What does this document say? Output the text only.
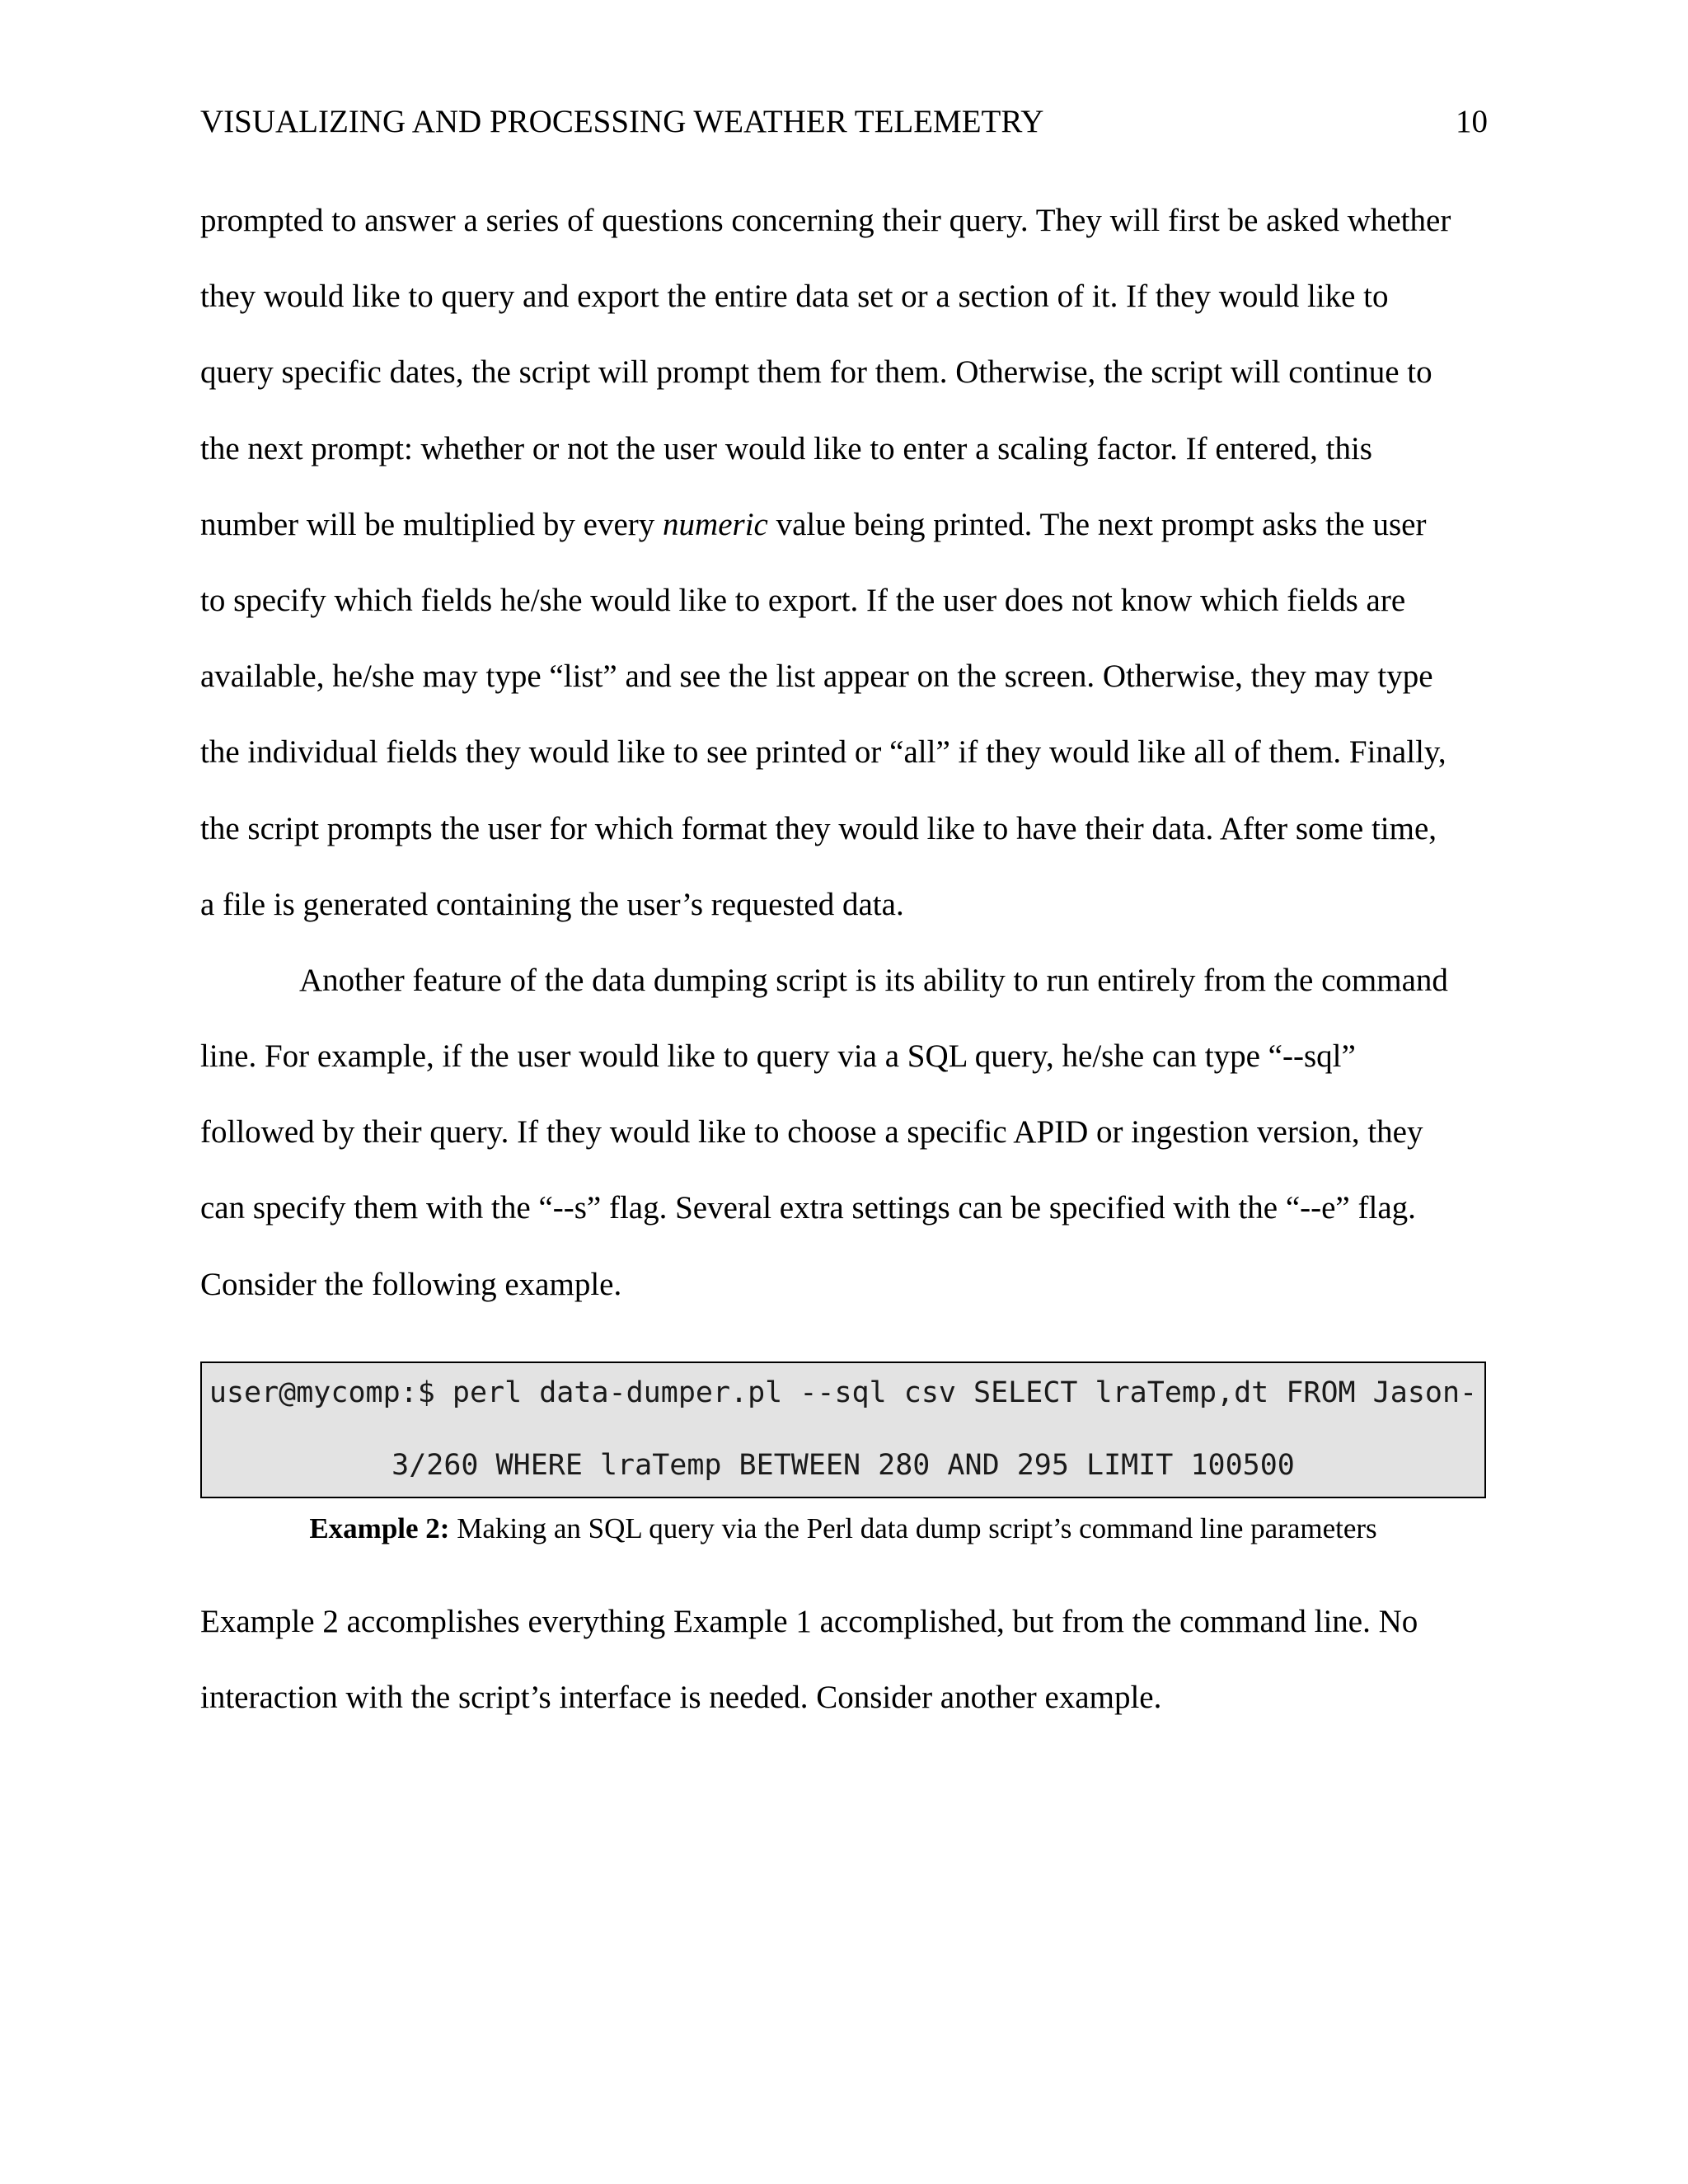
VISUALIZING AND PROCESSING WEATHER TELEMETRY	10
prompted to answer a series of questions concerning their query. They will first be asked whether
they would like to query and export the entire data set or a section of it. If they would like to
query specific dates, the script will prompt them for them. Otherwise, the script will continue to
the next prompt: whether or not the user would like to enter a scaling factor. If entered, this
number will be multiplied by every numeric value being printed. The next prompt asks the user
to specify which fields he/she would like to export. If the user does not know which fields are
available, he/she may type “list” and see the list appear on the screen. Otherwise, they may type
the individual fields they would like to see printed or “all” if they would like all of them. Finally,
the script prompts the user for which format they would like to have their data. After some time,
a file is generated containing the user’s requested data.
Another feature of the data dumping script is its ability to run entirely from the command
line. For example, if the user would like to query via a SQL query, he/she can type “--sql”
followed by their query. If they would like to choose a specific APID or ingestion version, they
can specify them with the “--s” flag. Several extra settings can be specified with the “--e” flag.
Consider the following example.
user@mycomp:$ perl data-dumper.pl --sql csv SELECT lraTemp,dt FROM Jason-
3/260 WHERE lraTemp BETWEEN 280 AND 295 LIMIT 100500
Example 2: Making an SQL query via the Perl data dump script’s command line parameters
Example 2 accomplishes everything Example 1 accomplished, but from the command line. No
interaction with the script’s interface is needed. Consider another example.
